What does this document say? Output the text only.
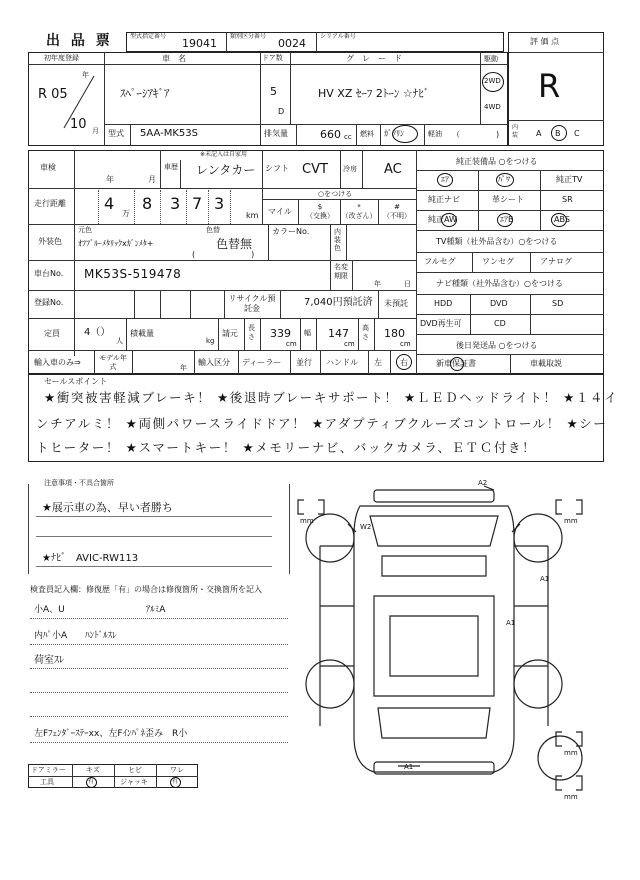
出 品 票	型式指定番号
19041
類別区分番号
0024
シリアル番号
評 価 点
R
初年度登録
年
R 05
10 月
車　名
ｽﾍﾟｰｼｱｷﾞｱ
ドア数
5
D
グ　レ　ー　ド
HV XZ ｾｰﾌ 2ﾄｰﾝ ☆ﾅﾋﾞ
駆動
2WD
4WD
型式 5AA-MK53S	排気量	660 cc 燃料 ｶﾞｿﾘﾝ	軽油 （	)
内装	A B C
車検
年	月
※未記入は自家用
車歴 レンタカー シフト CVT 冷房 AC
走行距離 4
万
8 3 7 3
km
○をつける
マイル	$
（交換）
*
（改ざん）
#
（不明）
外装色
元色
ｵﾌﾌﾞﾙｰﾒﾀﾘｯｸxｶﾞﾝﾒﾀ+
色替
色替無
(　　　　　　　)
カラーNo.	内装色
車台No. MK53S-519478	名変期限
年	日
登録No.	リサイクル預託金
7,040円預託済 未預託
定員 4（）
人
積載量
kg
請元
長さ 339
cm
幅 147
cm
高さ 180
cm
輸入車のみ⇒	モデル年式	年
輸入区分 ディーラー 並行 ハンドル 左 右
純正装備品 ○をつける
ｴｱ	ﾊﾟﾜ	純正TV
純正ナビ	革シート	SR
純正AW	ｴｱB	ABS
TV種類（社外品含む）○をつける
フルセグ	ワンセグ	アナログ
ナビ種類（社外品含む）○をつける
HDD	DVD	SD
DVD再生可	CD
後日発送品 ○をつける
新車保証書	車載取説
セールスポイント
★衝突被害軽減ブレーキ！ ★後退時ブレーキサポート！ ★ＬＥＤヘッドライト！ ★１４イ
ンチアルミ！ ★両側パワースライドドア！ ★アダプティブクルーズコントロール！ ★シー
トヒーター！ ★スマートキー！ ★メモリーナビ、バックカメラ、ＥＴＣ付き！
注意事項・不具合箇所
★展示車の為、早い者勝ち
★ﾅﾋﾞ　AVIC-RW113
検査員記入欄：修復歴「有」の場合は修復箇所・交換箇所を記入
小A、U　　　　　　　　　ｱﾙﾐA
内ﾊﾟ小A　　ﾊﾝﾄﾞﾙｽﾚ
荷室ｽﾚ
左Fﾌｪﾝﾀﾞｰｽﾃｰxx、左Fｲﾝﾊﾟﾈ歪み　R小
ドアミラー	キズ	ヒビ	ワレ
工具	有	ジャッキ	有
A2
W2
A1
A1
A1
mm	mm
mm
mm
